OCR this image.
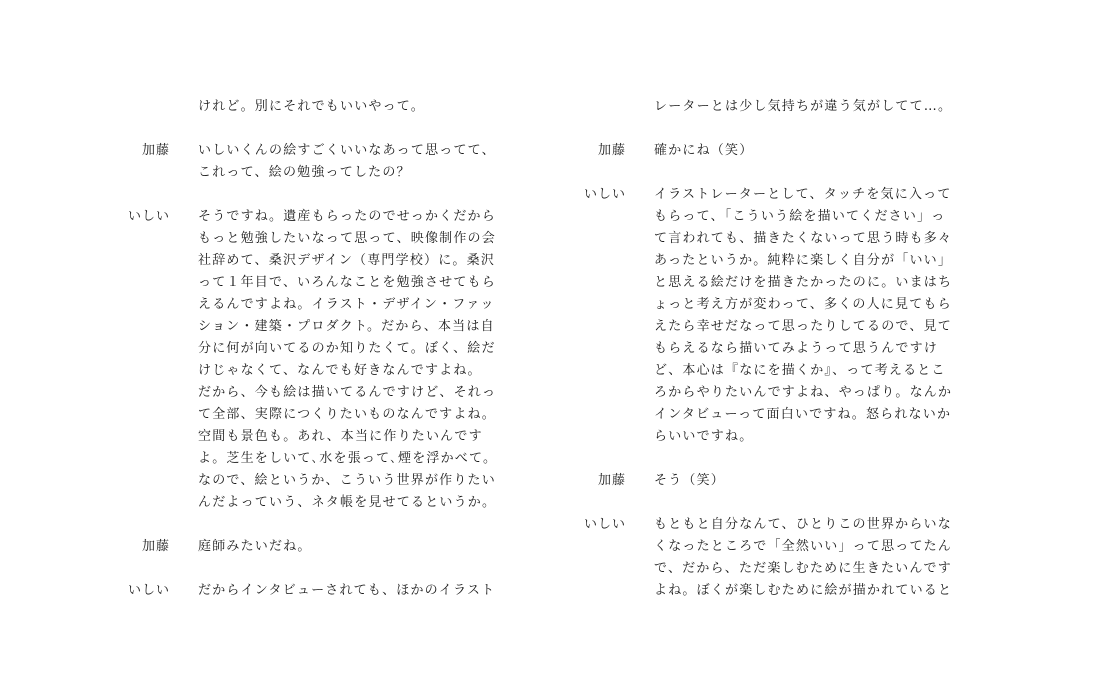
けれど。別にそれでもいいやって。
加藤 いしいくんの絵すごくいいなあって思ってて、
これって、絵の勉強ってしたの？
いしい そうですね。遺産もらったのでせっかくだから
もっと勉強したいなって思って、映像制作の会
社辞めて、桑沢デザイン（専門学校）に。桑沢
って１年目で、いろんなことを勉強させてもら
えるんですよね。イラスト・デザイン・ファッ
ション・建築・プロダクト。だから、本当は自
分に何が向いてるのか知りたくて。ぼく、絵だ
けじゃなくて、なんでも好きなんですよね。
だから、今も絵は描いてるんですけど、それっ
て全部、実際につくりたいものなんですよね。
空間も景色も。あれ、本当に作りたいんです
よ。芝生をしいて､水を張って､煙を浮かべて。
なので、絵というか、こういう世界が作りたい
んだよっていう、ネタ帳を見せてるというか。
加藤 庭師みたいだね。
いしい だからインタビューされても、ほかのイラスト
レーターとは少し気持ちが違う気がしてて…。
加藤 確かにね（笑）
いしい イラストレーターとして、タッチを気に入って
もらって、「こういう絵を描いてください」っ
て言われても、描きたくないって思う時も多々
あったというか。純粋に楽しく自分が「いい」
と思える絵だけを描きたかったのに。いまはち
ょっと考え方が変わって、多くの人に見てもら
えたら幸せだなって思ったりしてるので、見て
もらえるなら描いてみようって思うんですけ
ど、本心は『なにを描くか』、って考えるとこ
ろからやりたいんですよね、やっぱり。なんか
インタビューって面白いですね。怒られないか
らいいですね。
加藤 そう（笑）
いしい もともと自分なんて、ひとりこの世界からいな
くなったところで「全然いい」って思ってたん
で、だから、ただ楽しむために生きたいんです
よね。ぼくが楽しむために絵が描かれていると
